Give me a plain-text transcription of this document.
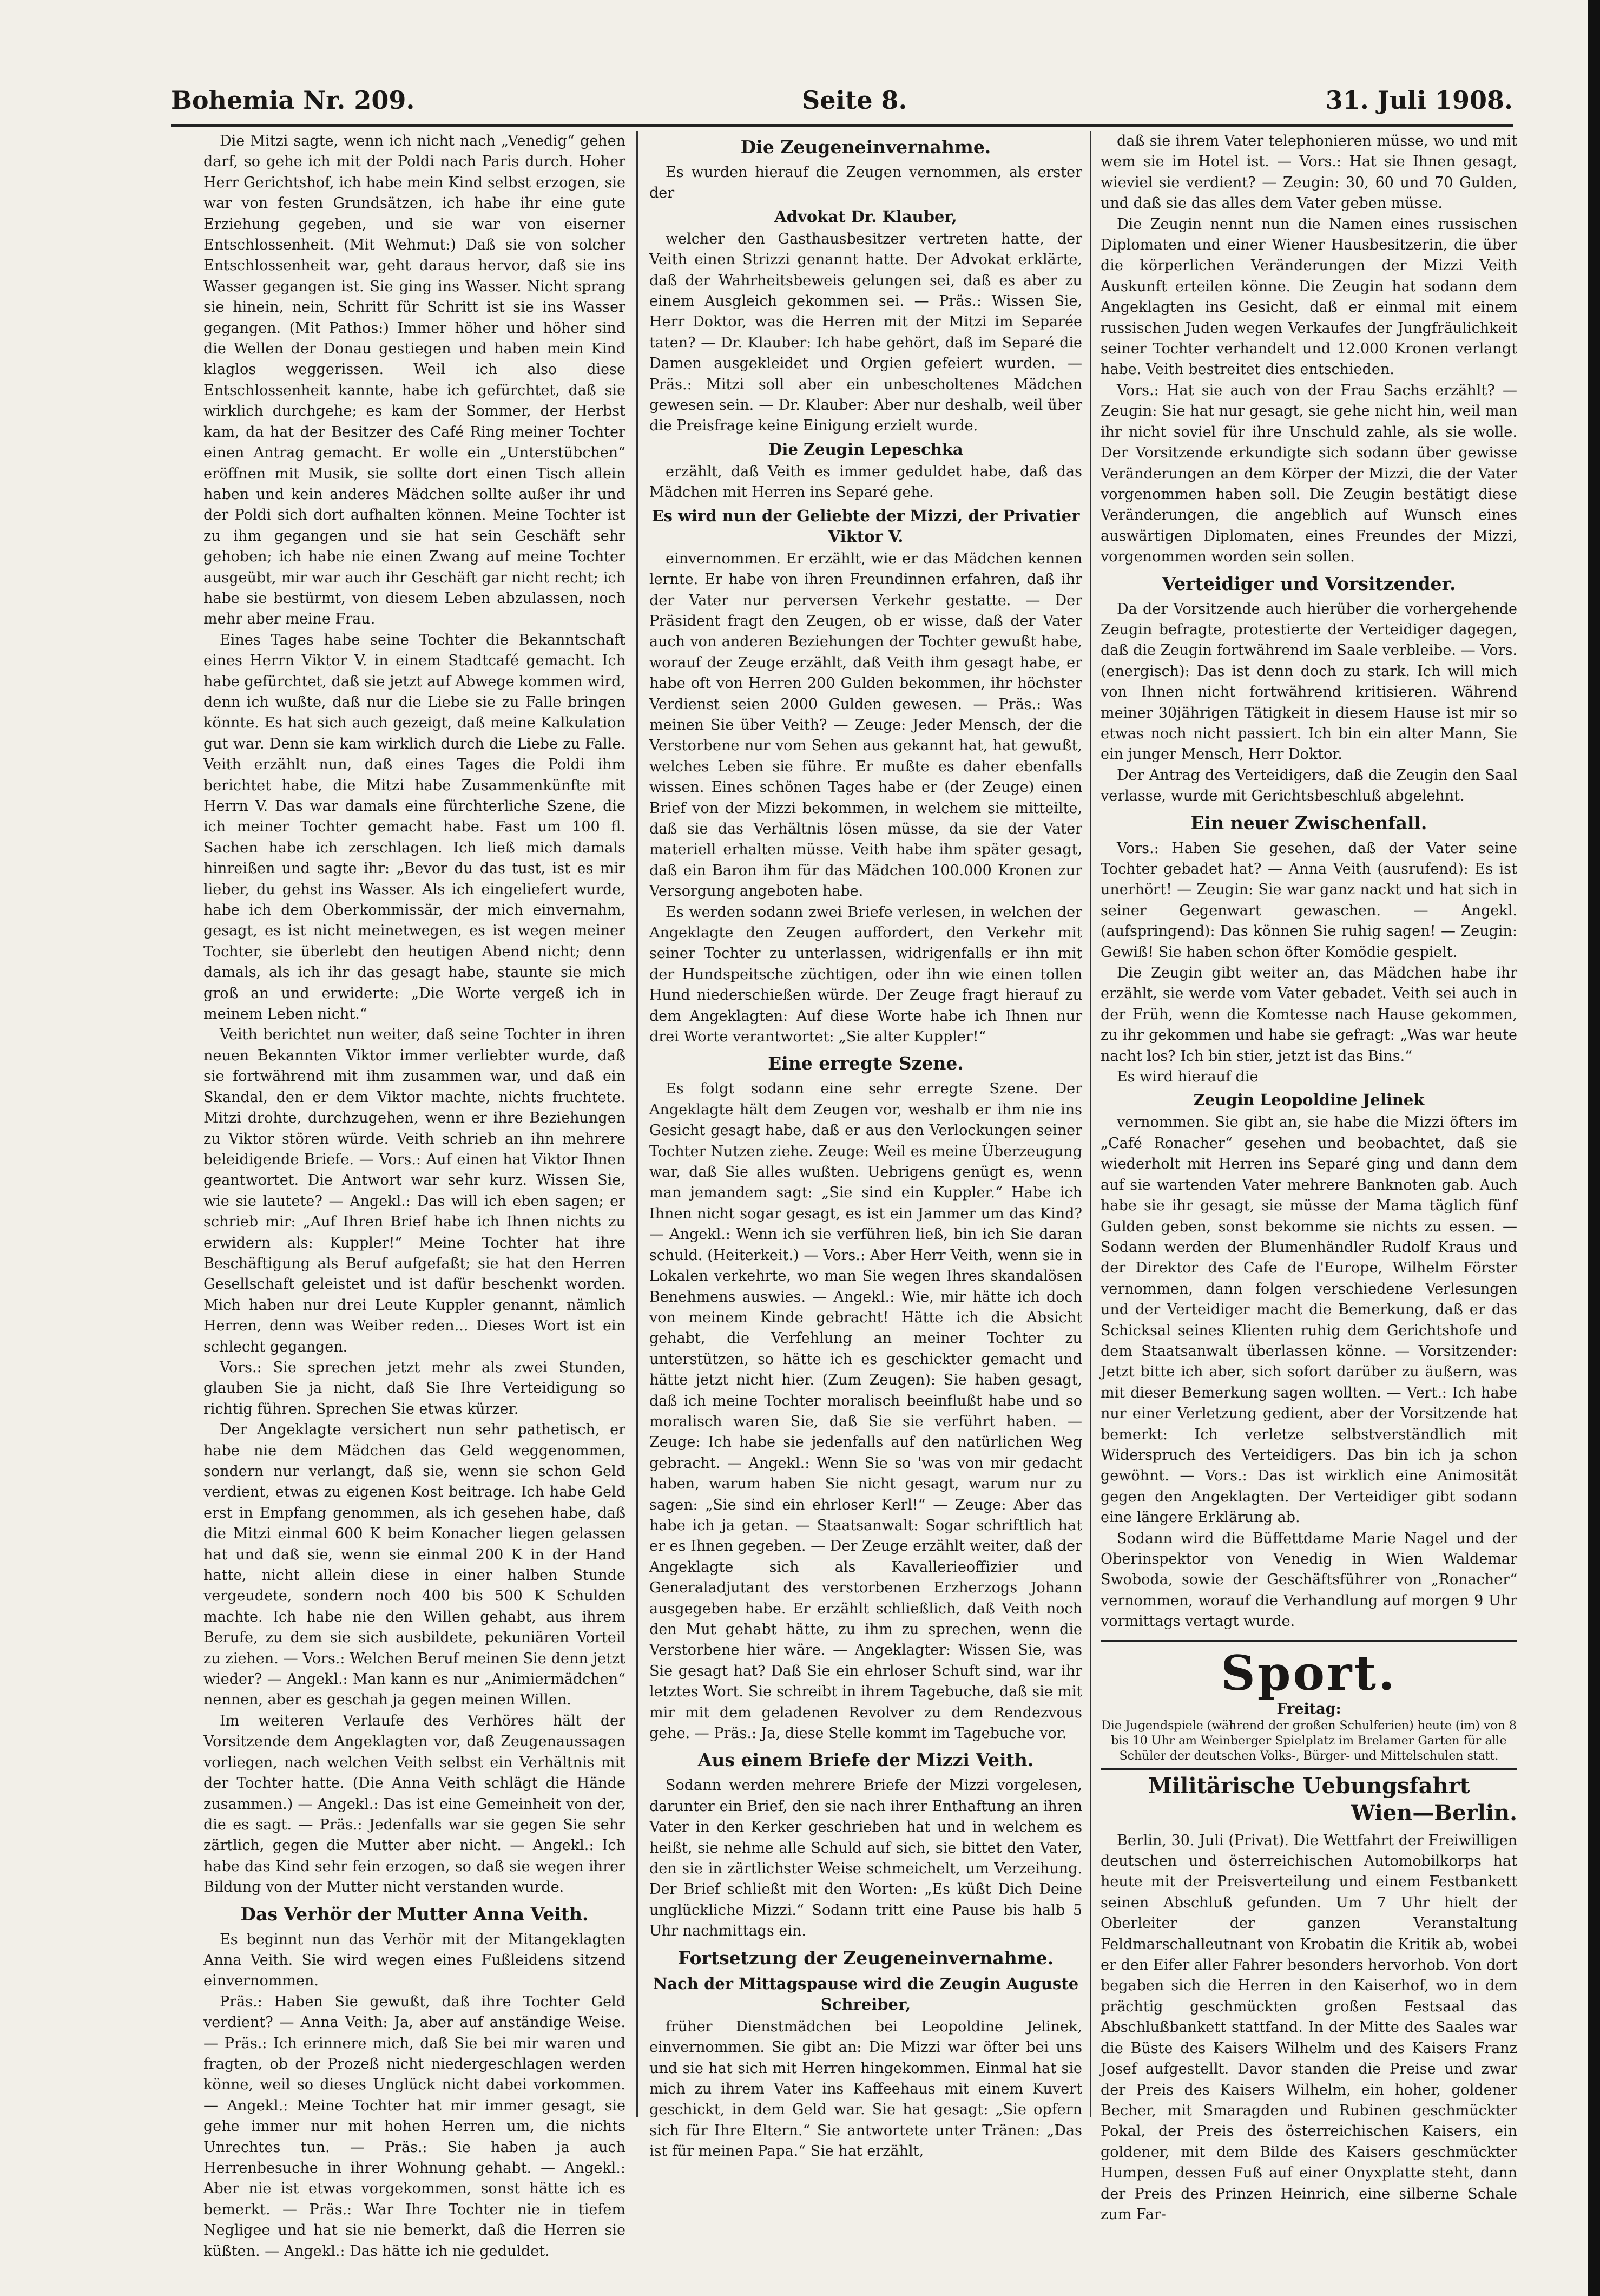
Bohemia Nr. 209.	Seite 8.	31. Juli 1908.

Die Mitzi sagte, wenn ich nicht nach „Venedig“ gehen darf, so gehe ich mit der Poldi nach Paris durch. Hoher Herr Gerichtshof, ich habe mein Kind selbst erzogen, sie war von festen Grundsätzen, ich habe ihr eine gute Erziehung gegeben, und sie war von eiserner Entschlossenheit. (Mit Wehmut:) Daß sie von solcher Entschlossenheit war, geht daraus hervor, daß sie ins Wasser gegangen ist. Sie ging ins Wasser. Nicht sprang sie hinein, nein, Schritt für Schritt ist sie ins Wasser gegangen. (Mit Pathos:) Immer höher und höher sind die Wellen der Donau gestiegen und haben mein Kind klaglos weggerissen. Weil ich also diese Entschlossenheit kannte, habe ich gefürchtet, daß sie wirklich durchgehe; es kam der Sommer, der Herbst kam, da hat der Besitzer des Café Ring meiner Tochter einen Antrag gemacht. Er wolle ein „Unterstübchen“ eröffnen mit Musik, sie sollte dort einen Tisch allein haben und kein anderes Mädchen sollte außer ihr und der Poldi sich dort aufhalten können. Meine Tochter ist zu ihm gegangen und sie hat sein Geschäft sehr gehoben; ich habe nie einen Zwang auf meine Tochter ausgeübt, mir war auch ihr Geschäft gar nicht recht; ich habe sie bestürmt, von diesem Leben abzulassen, noch mehr aber meine Frau.

Eines Tages habe seine Tochter die Bekanntschaft eines Herrn Viktor V. in einem Stadtcafé gemacht. Ich habe gefürchtet, daß sie jetzt auf Abwege kommen wird, denn ich wußte, daß nur die Liebe sie zu Falle bringen könnte. Es hat sich auch gezeigt, daß meine Kalkulation gut war. Denn sie kam wirklich durch die Liebe zu Falle. Veith erzählt nun, daß eines Tages die Poldi ihm berichtet habe, die Mitzi habe Zusammenkünfte mit Herrn V. Das war damals eine fürchterliche Szene, die ich meiner Tochter gemacht habe. Fast um 100 fl. Sachen habe ich zerschlagen. Ich ließ mich damals hinreißen und sagte ihr: „Bevor du das tust, ist es mir lieber, du gehst ins Wasser. Als ich eingeliefert wurde, habe ich dem Oberkommissär, der mich einvernahm, gesagt, es ist nicht meinetwegen, es ist wegen meiner Tochter, sie überlebt den heutigen Abend nicht; denn damals, als ich ihr das gesagt habe, staunte sie mich groß an und erwiderte: „Die Worte vergeß ich in meinem Leben nicht.“

Veith berichtet nun weiter, daß seine Tochter in ihren neuen Bekannten Viktor immer verliebter wurde, daß sie fortwährend mit ihm zusammen war, und daß ein Skandal, den er dem Viktor machte, nichts fruchtete. Mitzi drohte, durchzugehen, wenn er ihre Beziehungen zu Viktor stören würde. Veith schrieb an ihn mehrere beleidigende Briefe. — Vors.: Auf einen hat Viktor Ihnen geantwortet. Die Antwort war sehr kurz. Wissen Sie, wie sie lautete? — Angekl.: Das will ich eben sagen; er schrieb mir: „Auf Ihren Brief habe ich Ihnen nichts zu erwidern als: Kuppler!“ Meine Tochter hat ihre Beschäftigung als Beruf aufgefaßt; sie hat den Herren Gesellschaft geleistet und ist dafür beschenkt worden. Mich haben nur drei Leute Kuppler genannt, nämlich Herren, denn was Weiber reden... Dieses Wort ist ein schlecht gegangen.

Vors.: Sie sprechen jetzt mehr als zwei Stunden, glauben Sie ja nicht, daß Sie Ihre Verteidigung so richtig führen. Sprechen Sie etwas kürzer.

Der Angeklagte versichert nun sehr pathetisch, er habe nie dem Mädchen das Geld weggenommen, sondern nur verlangt, daß sie, wenn sie schon Geld verdient, etwas zu eigenen Kost beitrage. Ich habe Geld erst in Empfang genommen, als ich gesehen habe, daß die Mitzi einmal 600 K beim Konacher liegen gelassen hat und daß sie, wenn sie einmal 200 K in der Hand hatte, nicht allein diese in einer halben Stunde vergeudete, sondern noch 400 bis 500 K Schulden machte. Ich habe nie den Willen gehabt, aus ihrem Berufe, zu dem sie sich ausbildete, pekuniären Vorteil zu ziehen. — Vors.: Welchen Beruf meinen Sie denn jetzt wieder? — Angekl.: Man kann es nur „Animiermädchen“ nennen, aber es geschah ja gegen meinen Willen.

Im weiteren Verlaufe des Verhöres hält der Vorsitzende dem Angeklagten vor, daß Zeugenaussagen vorliegen, nach welchen Veith selbst ein Verhältnis mit der Tochter hatte. (Die Anna Veith schlägt die Hände zusammen.) — Angekl.: Das ist eine Gemeinheit von der, die es sagt. — Präs.: Jedenfalls war sie gegen Sie sehr zärtlich, gegen die Mutter aber nicht. — Angekl.: Ich habe das Kind sehr fein erzogen, so daß sie wegen ihrer Bildung von der Mutter nicht verstanden wurde.

Das Verhör der Mutter Anna Veith.

Es beginnt nun das Verhör mit der Mitangeklagten Anna Veith. Sie wird wegen eines Fußleidens sitzend einvernommen.

Präs.: Haben Sie gewußt, daß ihre Tochter Geld verdient? — Anna Veith: Ja, aber auf anständige Weise. — Präs.: Ich erinnere mich, daß Sie bei mir waren und fragten, ob der Prozeß nicht niedergeschlagen werden könne, weil so dieses Unglück nicht dabei vorkommen. — Angekl.: Meine Tochter hat mir immer gesagt, sie gehe immer nur mit hohen Herren um, die nichts Unrechtes tun. — Präs.: Sie haben ja auch Herrenbesuche in ihrer Wohnung gehabt. — Angekl.: Aber nie ist etwas vorgekommen, sonst hätte ich es bemerkt. — Präs.: War Ihre Tochter nie in tiefem Negligee und hat sie nie bemerkt, daß die Herren sie küßten. — Angekl.: Das hätte ich nie geduldet.

Die Zeugeneinvernahme.

Es wurden hierauf die Zeugen vernommen, als erster der

Advokat Dr. Klauber,

welcher den Gasthausbesitzer vertreten hatte, der Veith einen Strizzi genannt hatte. Der Advokat erklärte, daß der Wahrheitsbeweis gelungen sei, daß es aber zu einem Ausgleich gekommen sei. — Präs.: Wissen Sie, Herr Doktor, was die Herren mit der Mitzi im Separée taten? — Dr. Klauber: Ich habe gehört, daß im Separé die Damen ausgekleidet und Orgien gefeiert wurden. — Präs.: Mitzi soll aber ein unbescholtenes Mädchen gewesen sein. — Dr. Klauber: Aber nur deshalb, weil über die Preisfrage keine Einigung erzielt wurde.

Die Zeugin Lepeschka

erzählt, daß Veith es immer geduldet habe, daß das Mädchen mit Herren ins Separé gehe.

Es wird nun der Geliebte der Mizzi, der Privatier Viktor V.

einvernommen. Er erzählt, wie er das Mädchen kennen lernte. Er habe von ihren Freundinnen erfahren, daß ihr der Vater nur perversen Verkehr gestatte. — Der Präsident fragt den Zeugen, ob er wisse, daß der Vater auch von anderen Beziehungen der Tochter gewußt habe, worauf der Zeuge erzählt, daß Veith ihm gesagt habe, er habe oft von Herren 200 Gulden bekommen, ihr höchster Verdienst seien 2000 Gulden gewesen. — Präs.: Was meinen Sie über Veith? — Zeuge: Jeder Mensch, der die Verstorbene nur vom Sehen aus gekannt hat, hat gewußt, welches Leben sie führe. Er mußte es daher ebenfalls wissen. Eines schönen Tages habe er (der Zeuge) einen Brief von der Mizzi bekommen, in welchem sie mitteilte, daß sie das Verhältnis lösen müsse, da sie der Vater materiell erhalten müsse. Veith habe ihm später gesagt, daß ein Baron ihm für das Mädchen 100.000 Kronen zur Versorgung angeboten habe.

Es werden sodann zwei Briefe verlesen, in welchen der Angeklagte den Zeugen auffordert, den Verkehr mit seiner Tochter zu unterlassen, widrigenfalls er ihn mit der Hundspeitsche züchtigen, oder ihn wie einen tollen Hund niederschießen würde. Der Zeuge fragt hierauf zu dem Angeklagten: Auf diese Worte habe ich Ihnen nur drei Worte verantwortet: „Sie alter Kuppler!“

Eine erregte Szene.

Es folgt sodann eine sehr erregte Szene. Der Angeklagte hält dem Zeugen vor, weshalb er ihm nie ins Gesicht gesagt habe, daß er aus den Verlockungen seiner Tochter Nutzen ziehe. Zeuge: Weil es meine Überzeugung war, daß Sie alles wußten. Uebrigens genügt es, wenn man jemandem sagt: „Sie sind ein Kuppler.“ Habe ich Ihnen nicht sogar gesagt, es ist ein Jammer um das Kind? — Angekl.: Wenn ich sie verführen ließ, bin ich Sie daran schuld. (Heiterkeit.) — Vors.: Aber Herr Veith, wenn sie in Lokalen verkehrte, wo man Sie wegen Ihres skandalösen Benehmens auswies. — Angekl.: Wie, mir hätte ich doch von meinem Kinde gebracht! Hätte ich die Absicht gehabt, die Verfehlung an meiner Tochter zu unterstützen, so hätte ich es geschickter gemacht und hätte jetzt nicht hier. (Zum Zeugen): Sie haben gesagt, daß ich meine Tochter moralisch beeinflußt habe und so moralisch waren Sie, daß Sie sie verführt haben. — Zeuge: Ich habe sie jedenfalls auf den natürlichen Weg gebracht. — Angekl.: Wenn Sie so 'was von mir gedacht haben, warum haben Sie nicht gesagt, warum nur zu sagen: „Sie sind ein ehrloser Kerl!“ — Zeuge: Aber das habe ich ja getan. — Staatsanwalt: Sogar schriftlich hat er es Ihnen gegeben. — Der Zeuge erzählt weiter, daß der Angeklagte sich als Kavallerieoffizier und Generaladjutant des verstorbenen Erzherzogs Johann ausgegeben habe. Er erzählt schließlich, daß Veith noch den Mut gehabt hätte, zu ihm zu sprechen, wenn die Verstorbene hier wäre. — Angeklagter: Wissen Sie, was Sie gesagt hat? Daß Sie ein ehrloser Schuft sind, war ihr letztes Wort. Sie schreibt in ihrem Tagebuche, daß sie mit mir mit dem geladenen Revolver zu dem Rendezvous gehe. — Präs.: Ja, diese Stelle kommt im Tagebuche vor.

Aus einem Briefe der Mizzi Veith.

Sodann werden mehrere Briefe der Mizzi vorgelesen, darunter ein Brief, den sie nach ihrer Enthaftung an ihren Vater in den Kerker geschrieben hat und in welchem es heißt, sie nehme alle Schuld auf sich, sie bittet den Vater, den sie in zärtlichster Weise schmeichelt, um Verzeihung. Der Brief schließt mit den Worten: „Es küßt Dich Deine unglückliche Mizzi.“ Sodann tritt eine Pause bis halb 5 Uhr nachmittags ein.

Fortsetzung der Zeugeneinvernahme.
Nach der Mittagspause wird die Zeugin Auguste Schreiber,

früher Dienstmädchen bei Leopoldine Jelinek, einvernommen. Sie gibt an: Die Mizzi war öfter bei uns und sie hat sich mit Herren hingekommen. Einmal hat sie mich zu ihrem Vater ins Kaffeehaus mit einem Kuvert geschickt, in dem Geld war. Sie hat gesagt: „Sie opfern sich für Ihre Eltern.“ Sie antwortete unter Tränen: „Das ist für meinen Papa.“ Sie hat erzählt,

daß sie ihrem Vater telephonieren müsse, wo und mit wem sie im Hotel ist. — Vors.: Hat sie Ihnen gesagt, wieviel sie verdient? — Zeugin: 30, 60 und 70 Gulden, und daß sie das alles dem Vater geben müsse.

Die Zeugin nennt nun die Namen eines russischen Diplomaten und einer Wiener Hausbesitzerin, die über die körperlichen Veränderungen der Mizzi Veith Auskunft erteilen könne. Die Zeugin hat sodann dem Angeklagten ins Gesicht, daß er einmal mit einem russischen Juden wegen Verkaufes der Jungfräulichkeit seiner Tochter verhandelt und 12.000 Kronen verlangt habe. Veith bestreitet dies entschieden.

Vors.: Hat sie auch von der Frau Sachs erzählt? — Zeugin: Sie hat nur gesagt, sie gehe nicht hin, weil man ihr nicht soviel für ihre Unschuld zahle, als sie wolle. Der Vorsitzende erkundigte sich sodann über gewisse Veränderungen an dem Körper der Mizzi, die der Vater vorgenommen haben soll. Die Zeugin bestätigt diese Veränderungen, die angeblich auf Wunsch eines auswärtigen Diplomaten, eines Freundes der Mizzi, vorgenommen worden sein sollen.

Verteidiger und Vorsitzender.

Da der Vorsitzende auch hierüber die vorhergehende Zeugin befragte, protestierte der Verteidiger dagegen, daß die Zeugin fortwährend im Saale verbleibe. — Vors. (energisch): Das ist denn doch zu stark. Ich will mich von Ihnen nicht fortwährend kritisieren. Während meiner 30jährigen Tätigkeit in diesem Hause ist mir so etwas noch nicht passiert. Ich bin ein alter Mann, Sie ein junger Mensch, Herr Doktor.

Der Antrag des Verteidigers, daß die Zeugin den Saal verlasse, wurde mit Gerichtsbeschluß abgelehnt.

Ein neuer Zwischenfall.

Vors.: Haben Sie gesehen, daß der Vater seine Tochter gebadet hat? — Anna Veith (ausrufend): Es ist unerhört! — Zeugin: Sie war ganz nackt und hat sich in seiner Gegenwart gewaschen. — Angekl. (aufspringend): Das können Sie ruhig sagen! — Zeugin: Gewiß! Sie haben schon öfter Komödie gespielt.

Die Zeugin gibt weiter an, das Mädchen habe ihr erzählt, sie werde vom Vater gebadet. Veith sei auch in der Früh, wenn die Komtesse nach Hause gekommen, zu ihr gekommen und habe sie gefragt: „Was war heute nacht los? Ich bin stier, jetzt ist das Bins.“

Es wird hierauf die

Zeugin Leopoldine Jelinek

vernommen. Sie gibt an, sie habe die Mizzi öfters im „Café Ronacher“ gesehen und beobachtet, daß sie wiederholt mit Herren ins Separé ging und dann dem auf sie wartenden Vater mehrere Banknoten gab. Auch habe sie ihr gesagt, sie müsse der Mama täglich fünf Gulden geben, sonst bekomme sie nichts zu essen. — Sodann werden der Blumenhändler Rudolf Kraus und der Direktor des Cafe de l'Europe, Wilhelm Förster vernommen, dann folgen verschiedene Verlesungen und der Verteidiger macht die Bemerkung, daß er das Schicksal seines Klienten ruhig dem Gerichtshofe und dem Staatsanwalt überlassen könne. — Vorsitzender: Jetzt bitte ich aber, sich sofort darüber zu äußern, was mit dieser Bemerkung sagen wollten. — Vert.: Ich habe nur einer Verletzung gedient, aber der Vorsitzende hat bemerkt: Ich verletze selbstverständlich mit Widerspruch des Verteidigers. Das bin ich ja schon gewöhnt. — Vors.: Das ist wirklich eine Animosität gegen den Angeklagten. Der Verteidiger gibt sodann eine längere Erklärung ab.

Sodann wird die Büffettdame Marie Nagel und der Oberinspektor von Venedig in Wien Waldemar Swoboda, sowie der Geschäftsführer von „Ronacher“ vernommen, worauf die Verhandlung auf morgen 9 Uhr vormittags vertagt wurde.

Sport.
Freitag:
Die Jugendspiele (während der großen Schulferien) heute (im) von 8 bis 10 Uhr am Weinberger Spielplatz im Brelamer Garten für alle Schüler der deutschen Volks-, Bürger- und Mittelschulen statt.
Militärische Uebungsfahrt
Wien—Berlin.

Berlin, 30. Juli (Privat). Die Wettfahrt der Freiwilligen deutschen und österreichischen Automobilkorps hat heute mit der Preisverteilung und einem Festbankett seinen Abschluß gefunden. Um 7 Uhr hielt der Oberleiter der ganzen Veranstaltung Feldmarschalleutnant von Krobatin die Kritik ab, wobei er den Eifer aller Fahrer besonders hervorhob. Von dort begaben sich die Herren in den Kaiserhof, wo in dem prächtig geschmückten großen Festsaal das Abschlußbankett stattfand. In der Mitte des Saales war die Büste des Kaisers Wilhelm und des Kaisers Franz Josef aufgestellt. Davor standen die Preise und zwar der Preis des Kaisers Wilhelm, ein hoher, goldener Becher, mit Smaragden und Rubinen geschmückter Pokal, der Preis des österreichischen Kaisers, ein goldener, mit dem Bilde des Kaisers geschmückter Humpen, dessen Fuß auf einer Onyxplatte steht, dann der Preis des Prinzen Heinrich, eine silberne Schale zum Far-
